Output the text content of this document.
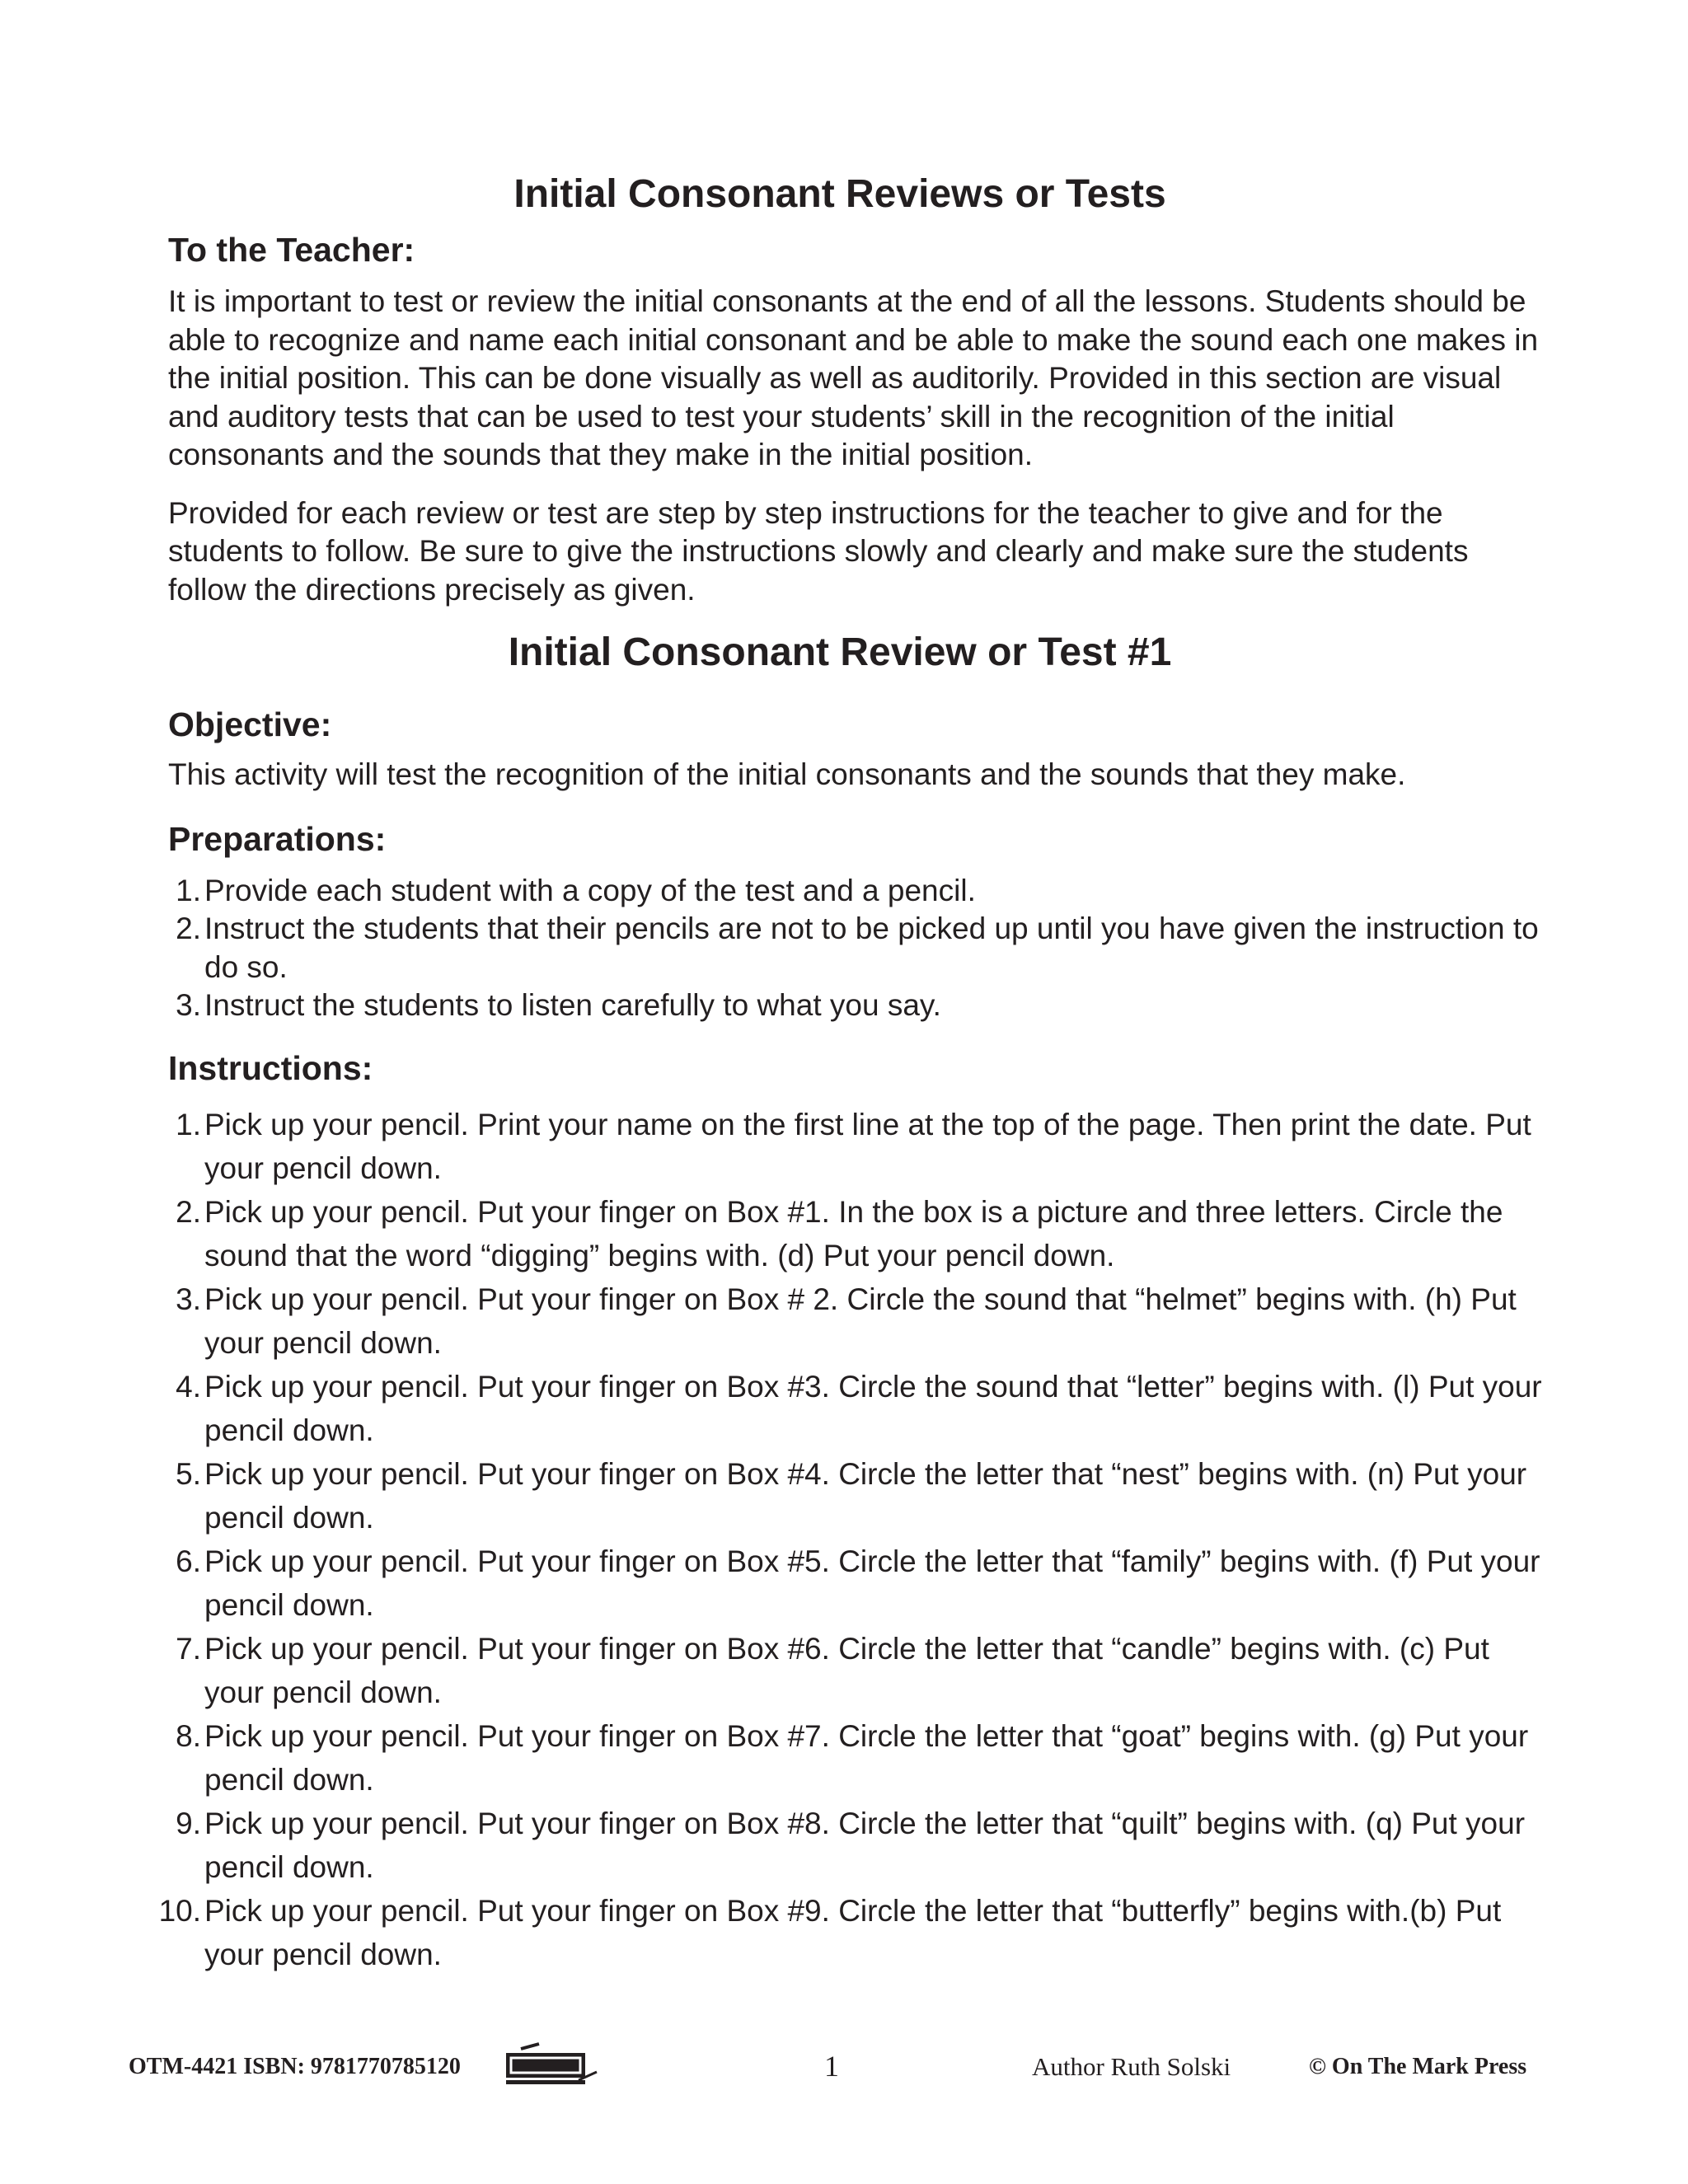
Initial Consonant Reviews or Tests
To the Teacher:

It is important to test or review the initial consonants at the end of all the lessons. Students should be able to recognize and name each initial consonant and be able to make the sound each one makes in the initial position. This can be done visually as well as auditorily. Provided in this section are visual and auditory tests that can be used to test your students’ skill in the recognition of the initial consonants and the sounds that they make in the initial position.

Provided for each review or test are step by step instructions for the teacher to give and for the students to follow. Be sure to give the instructions slowly and clearly and make sure the students follow the directions precisely as given.

Initial Consonant Review or Test #1
Objective:

This activity will test the recognition of the initial consonants and the sounds that they make.

Preparations:
1. Provide each student with a copy of the test and a pencil.
2. Instruct the students that their pencils are not to be picked up until you have given the instruction to do so.
3. Instruct the students to listen carefully to what you say.
Instructions:
1. Pick up your pencil. Print your name on the first line at the top of the page. Then print the date. Put your pencil down.
2. Pick up your pencil. Put your finger on Box #1. In the box is a picture and three letters. Circle the sound that the word “digging” begins with. (d) Put your pencil down.
3. Pick up your pencil. Put your finger on Box # 2. Circle the sound that “helmet” begins with. (h) Put your pencil down.
4. Pick up your pencil. Put your finger on Box #3. Circle the sound that “letter” begins with. (l) Put your pencil down.
5. Pick up your pencil. Put your finger on Box #4. Circle the letter that “nest” begins with. (n) Put your pencil down.
6. Pick up your pencil. Put your finger on Box #5. Circle the letter that “family” begins with. (f) Put your pencil down.
7. Pick up your pencil. Put your finger on Box #6. Circle the letter that “candle” begins with. (c) Put your pencil down.
8. Pick up your pencil. Put your finger on Box #7. Circle the letter that “goat” begins with. (g) Put your pencil down.
9. Pick up your pencil. Put your finger on Box #8. Circle the letter that “quilt” begins with. (q) Put your pencil down.
10. Pick up your pencil. Put your finger on Box #9. Circle the letter that “butterfly” begins with.(b) Put your pencil down.
OTM-4421 ISBN: 9781770785120	1	Author Ruth Solski	© On The Mark Press
